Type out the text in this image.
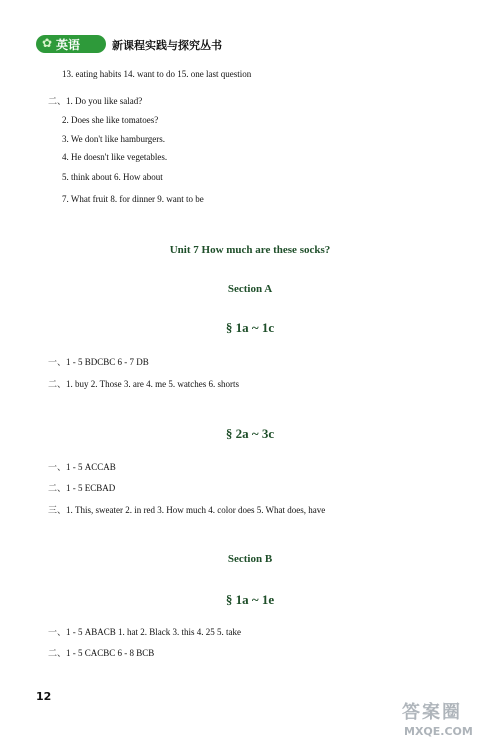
✿ 英语	新课程实践与探究丛书
13. eating habits 14. want to do 15. one last question
二、1. Do you like salad?
2. Does she like tomatoes?
3. We don't like hamburgers.
4. He doesn't like vegetables.
5. think about 6. How about
7. What fruit 8. for dinner 9. want to be
Unit 7 How much are these socks?
Section A
§ 1a ~ 1c
一、1 - 5 BDCBC 6 - 7 DB
二、1. buy 2. Those 3. are 4. me 5. watches 6. shorts
§ 2a ~ 3c
一、1 - 5 ACCAB
二、1 - 5 ECBAD
三、1. This, sweater 2. in red 3. How much 4. color does 5. What does, have
Section B
§ 1a ~ 1e
一、1 - 5 ABACB 1. hat 2. Black 3. this 4. 25 5. take
二、1 - 5 CACBC 6 - 8 BCB
12
答案圈
MXQE.COM
